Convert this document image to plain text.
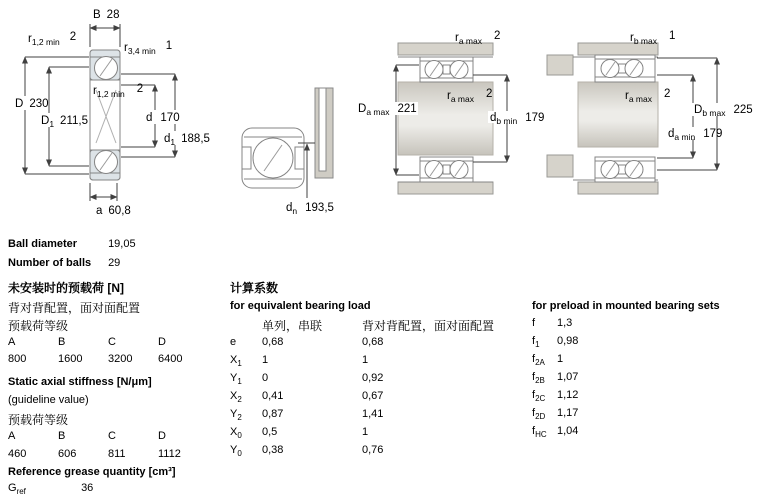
B 28
$r_{1,2 min}$ 2
$r_{3,4 min}$ 1
D 230
$D_1$ 211,5
$r_{1,2 min}$ 2
d 170
$d_1$ 188,5
a 60,8	$d_n$ 193,5
$r_{a max}$ 2
$D_{a max}$ 221
$r_{a max}$ 2
$d_{b min}$ 179
$r_{b max}$ 1
$r_{a max}$ 2
$D_{b max}$ 225
$d_{a min}$ 179
Ball diameter	19,05
Number of balls 29
未安装时的预载荷 [N]
背对背配置，面对面配置
预载荷等级
A	B	C	D
800	1600 3200 6400
Static axial stiffness [N/μm]
(guideline value)
预载荷等级
A	B	C	D
460	606	811	1112
Reference grease quantity [cm³]
$G_{ref}$	36
计算系数
for equivalent bearing load
单列，串联	背对背配置，面对面配置
e 0,68	0,68
$X_1$ 1	1
$Y_1$ 0	0,92
$X_2$ 0,41	0,67
$Y_2$ 0,87	1,41
$X_0$ 0,5	1
$Y_0$ 0,38	0,76
for preload in mounted bearing sets
f 1,3
$f_1$ 0,98
$f_{2A}$ 1
$f_{2B}$ 1,07
$f_{2C}$ 1,12
$f_{2D}$ 1,17
$f_{HC}$ 1,04
